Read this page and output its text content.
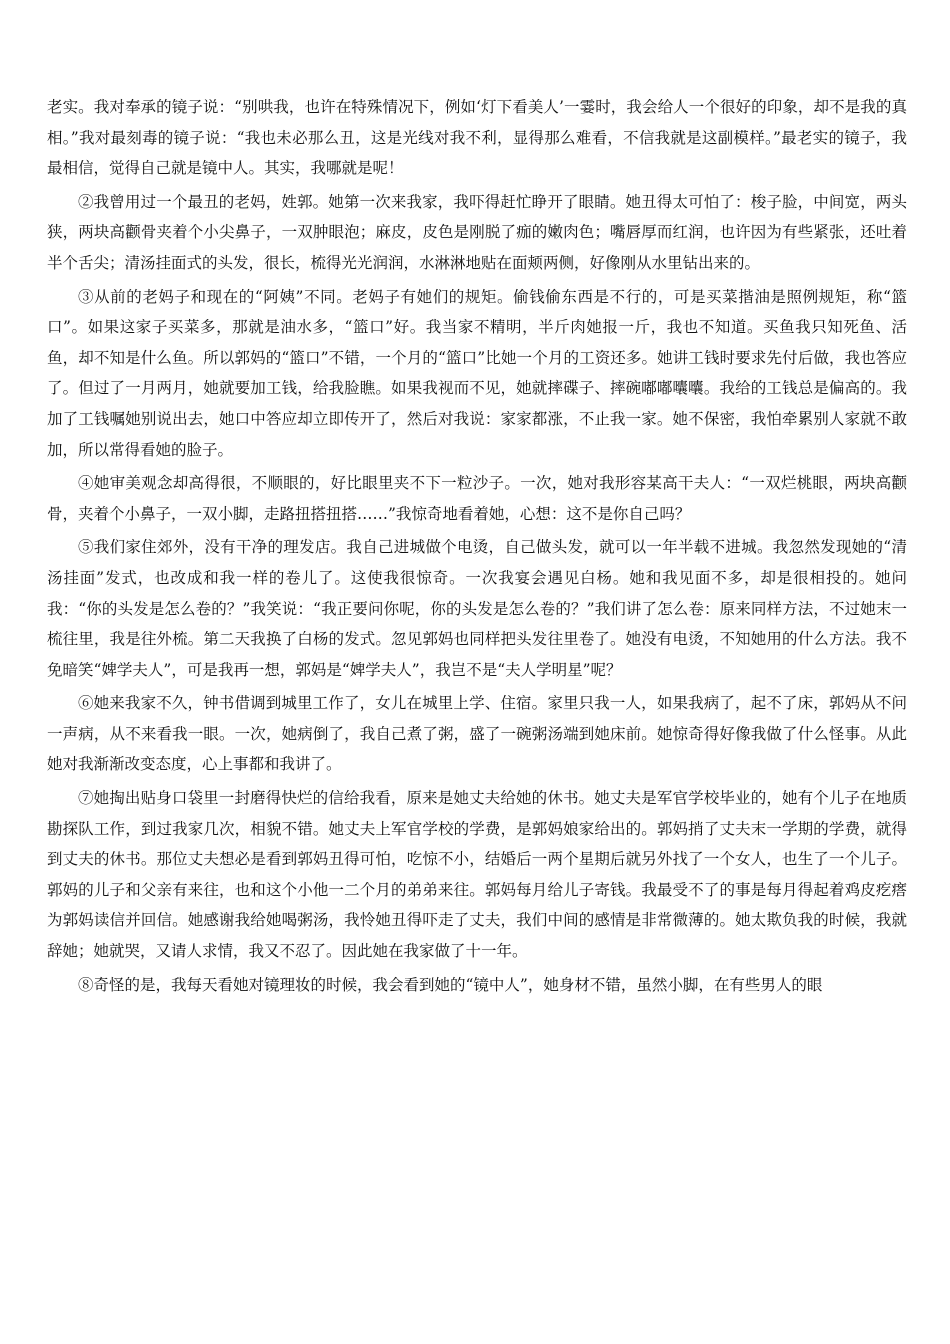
老实。我对奉承的镜子说：“别哄我，也许在特殊情况下，例如‘灯下看美人’一霎时，我会给人一个很好的印象，却不是我的真相。”我对最刻毒的镜子说：“我也未必那么丑，这是光线对我不利，显得那么难看，不信我就是这副模样。”最老实的镜子，我最相信，觉得自己就是镜中人。其实，我哪就是呢！

②我曾用过一个最丑的老妈，姓郭。她第一次来我家，我吓得赶忙睁开了眼睛。她丑得太可怕了：梭子脸，中间宽，两头狭，两块高颧骨夹着个小尖鼻子，一双肿眼泡；麻皮，皮色是刚脱了痂的嫩肉色；嘴唇厚而红润，也许因为有些紧张，还吐着半个舌尖；清汤挂面式的头发，很长，梳得光光润润，水淋淋地贴在面颊两侧，好像刚从水里钻出来的。

③从前的老妈子和现在的“阿姨”不同。老妈子有她们的规矩。偷钱偷东西是不行的，可是买菜揩油是照例规矩，称“篮口”。如果这家子买菜多，那就是油水多，“篮口”好。我当家不精明，半斤肉她报一斤，我也不知道。买鱼我只知死鱼、活鱼，却不知是什么鱼。所以郭妈的“篮口”不错，一个月的“篮口”比她一个月的工资还多。她讲工钱时要求先付后做，我也答应了。但过了一月两月，她就要加工钱，给我脸瞧。如果我视而不见，她就摔碟子、摔碗嘟嘟囔囔。我给的工钱总是偏高的。我加了工钱嘱她别说出去，她口中答应却立即传开了，然后对我说：家家都涨，不止我一家。她不保密，我怕牵累别人家就不敢加，所以常得看她的脸子。

④她审美观念却高得很，不顺眼的，好比眼里夹不下一粒沙子。一次，她对我形容某高干夫人：“一双烂桃眼，两块高颧骨，夹着个小鼻子，一双小脚，走路扭搭扭搭……”我惊奇地看着她，心想：这不是你自己吗？

⑤我们家住郊外，没有干净的理发店。我自己进城做个电烫，自己做头发，就可以一年半载不进城。我忽然发现她的“清汤挂面”发式，也改成和我一样的卷儿了。这使我很惊奇。一次我宴会遇见白杨。她和我见面不多，却是很相投的。她问我：“你的头发是怎么卷的？”我笑说：“我正要问你呢，你的头发是怎么卷的？”我们讲了怎么卷：原来同样方法，不过她末一梳往里，我是往外梳。第二天我换了白杨的发式。忽见郭妈也同样把头发往里卷了。她没有电烫，不知她用的什么方法。我不免暗笑“婢学夫人”，可是我再一想，郭妈是“婢学夫人”，我岂不是“夫人学明星”呢？

⑥她来我家不久，钟书借调到城里工作了，女儿在城里上学、住宿。家里只我一人，如果我病了，起不了床，郭妈从不问一声病，从不来看我一眼。一次，她病倒了，我自己煮了粥，盛了一碗粥汤端到她床前。她惊奇得好像我做了什么怪事。从此她对我渐渐改变态度，心上事都和我讲了。

⑦她掏出贴身口袋里一封磨得快烂的信给我看，原来是她丈夫给她的休书。她丈夫是军官学校毕业的，她有个儿子在地质勘探队工作，到过我家几次，相貌不错。她丈夫上军官学校的学费，是郭妈娘家给出的。郭妈捎了丈夫末一学期的学费，就得到丈夫的休书。那位丈夫想必是看到郭妈丑得可怕，吃惊不小，结婚后一两个星期后就另外找了一个女人，也生了一个儿子。郭妈的儿子和父亲有来往，也和这个小他一二个月的弟弟来往。郭妈每月给儿子寄钱。我最受不了的事是每月得起着鸡皮疙瘩为郭妈读信并回信。她感谢我给她喝粥汤，我怜她丑得吓走了丈夫，我们中间的感情是非常微薄的。她太欺负我的时候，我就辞她；她就哭，又请人求情，我又不忍了。因此她在我家做了十一年。

⑧奇怪的是，我每天看她对镜理妆的时候，我会看到她的“镜中人”，她身材不错，虽然小脚，在有些男人的眼
